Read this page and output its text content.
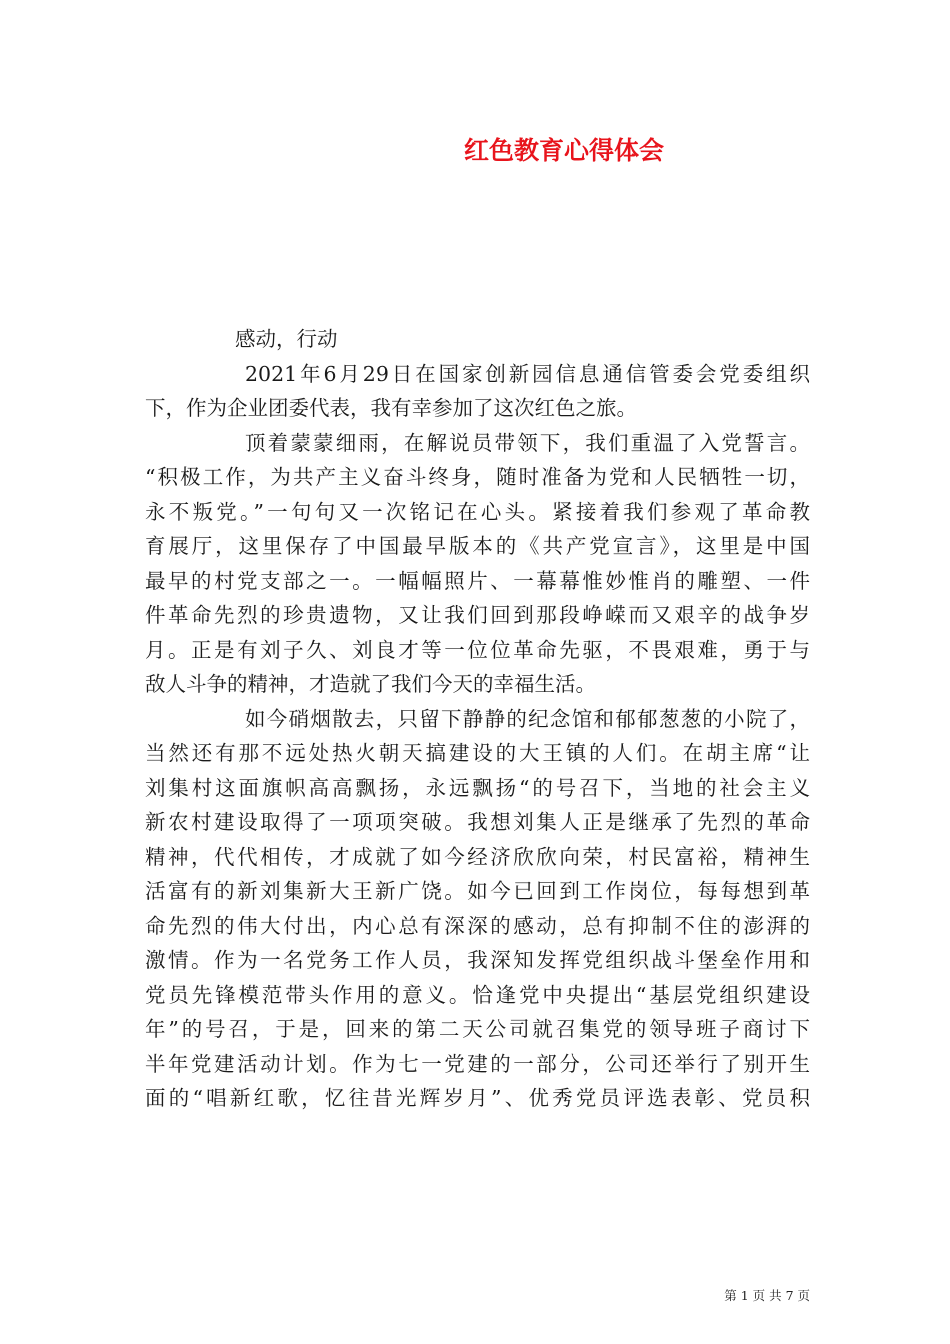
红色教育心得体会
感动，行动
2021年6月29日在国家创新园信息通信管委会党委组织
下，作为企业团委代表，我有幸参加了这次红色之旅。
顶着蒙蒙细雨，在解说员带领下，我们重温了入党誓言。
“积极工作，为共产主义奋斗终身，随时准备为党和人民牺牲一切，
永不叛党。”一句句又一次铭记在心头。紧接着我们参观了革命教
育展厅，这里保存了中国最早版本的《共产党宣言》，这里是中国
最早的村党支部之一。一幅幅照片、一幕幕惟妙惟肖的雕塑、一件
件革命先烈的珍贵遗物，又让我们回到那段峥嵘而又艰辛的战争岁
月。正是有刘子久、刘良才等一位位革命先驱，不畏艰难，勇于与
敌人斗争的精神，才造就了我们今天的幸福生活。
如今硝烟散去，只留下静静的纪念馆和郁郁葱葱的小院了，
当然还有那不远处热火朝天搞建设的大王镇的人们。在胡主席“让
刘集村这面旗帜高高飘扬，永远飘扬“的号召下，当地的社会主义
新农村建设取得了一项项突破。我想刘集人正是继承了先烈的革命
精神，代代相传，才成就了如今经济欣欣向荣，村民富裕，精神生
活富有的新刘集新大王新广饶。如今已回到工作岗位，每每想到革
命先烈的伟大付出，内心总有深深的感动，总有抑制不住的澎湃的
激情。作为一名党务工作人员，我深知发挥党组织战斗堡垒作用和
党员先锋模范带头作用的意义。恰逢党中央提出“基层党组织建设
年”的号召，于是，回来的第二天公司就召集党的领导班子商讨下
半年党建活动计划。作为七一党建的一部分，公司还举行了别开生
面的“唱新红歌，忆往昔光辉岁月”、优秀党员评选表彰、党员积
第 1 页 共 7 页
